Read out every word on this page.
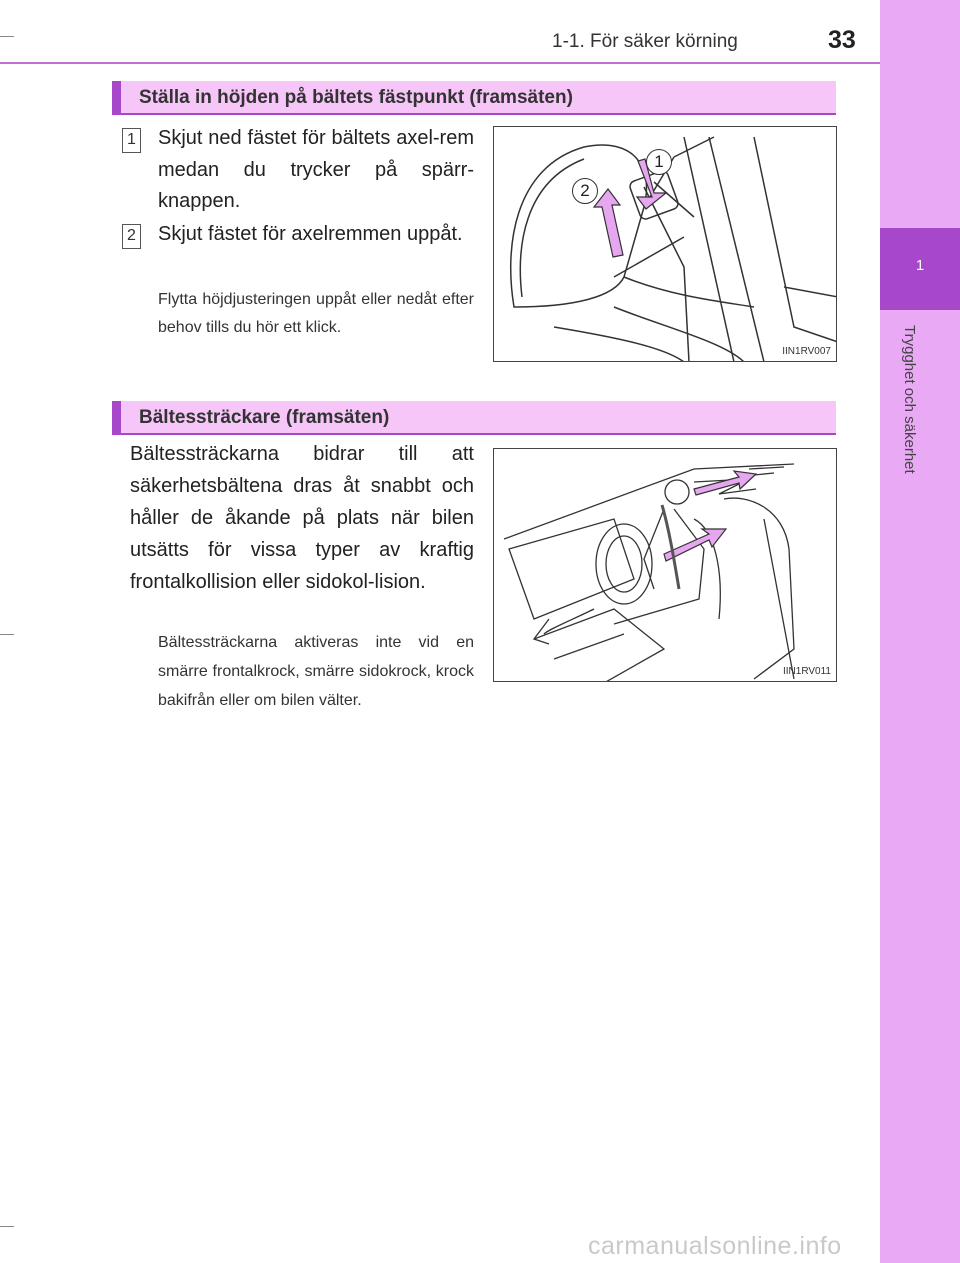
1
Trygghet och säkerhet
1-1. För säker körning	33
Ställa in höjden på bältets fästpunkt (framsäten)
1 Skjut ned fästet för bältets axel-rem medan du trycker på spärr-knappen.
2 Skjut fästet för axelremmen uppåt.
Flytta höjdjusteringen uppåt eller nedåt efter behov tills du hör ett klick.
1
2
IIN1RV007
Bältessträckare (framsäten)
Bältessträckarna bidrar till att säkerhetsbältena dras åt snabbt och håller de åkande på plats när bilen utsätts för vissa typer av kraftig frontalkollision eller sidokol-lision.
Bältessträckarna aktiveras inte vid en smärre frontalkrock, smärre sidokrock, krock bakifrån eller om bilen välter.
IIN1RV011
carmanualsonline.info
